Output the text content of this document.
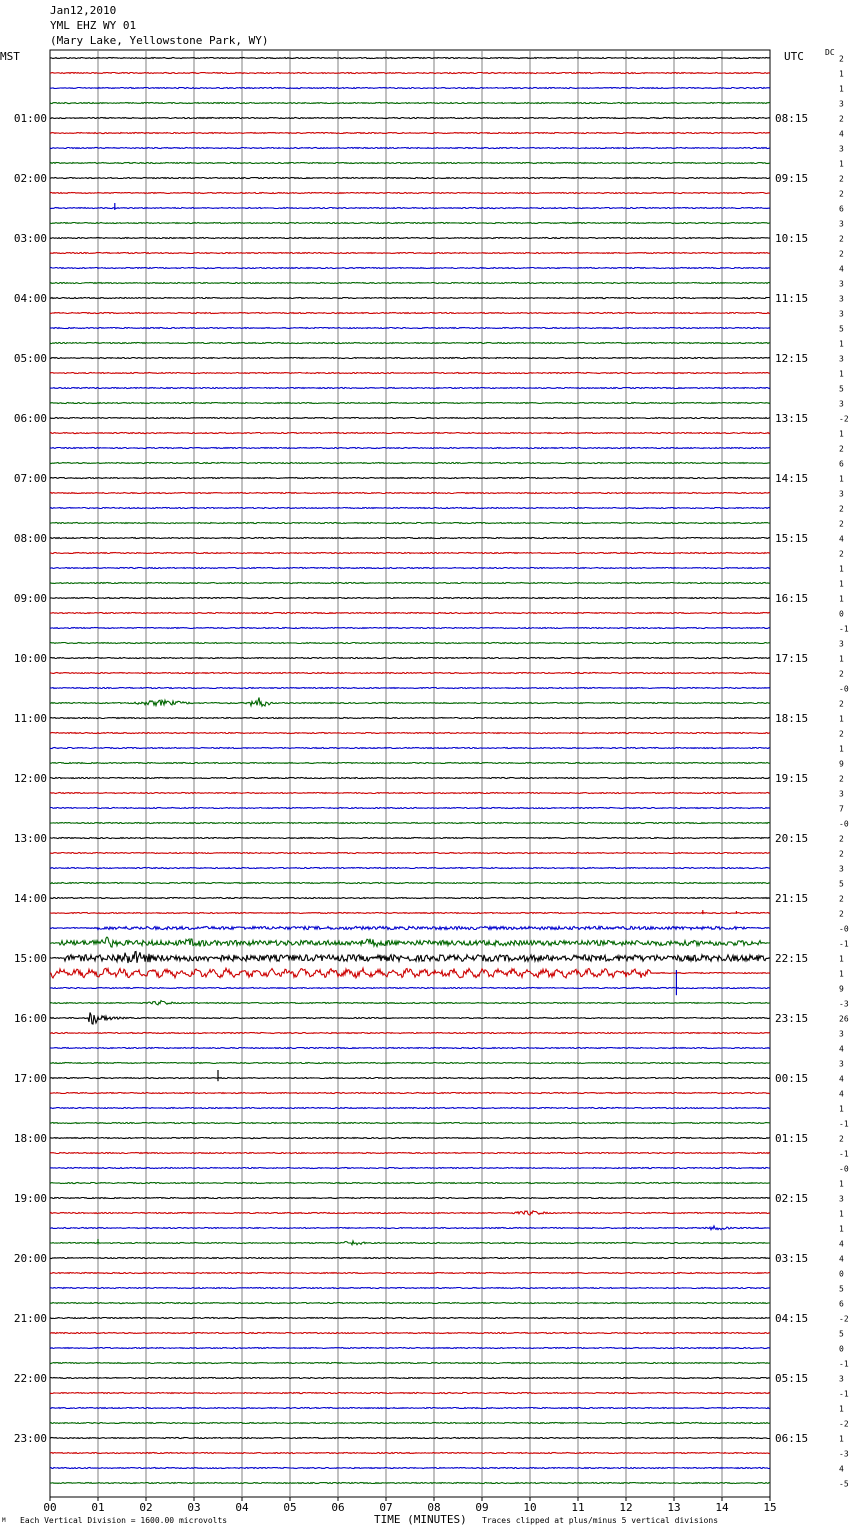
Jan12,2010
YML EHZ WY 01
(Mary Lake, Yellowstone Park, WY)
MST	UTC	DC
2
1
1
3
2
4
3
1
2
2
6
3
2
2
4
3
3
3
5
1
3
1
5
3
-2
1
2
6
1
3
2
2
4
2
1
1
1
0
-1
3
1
2
-0
2
1
2
1
9
2
3
7
-0
2
2
3
5
2
2
-0
-1
1
1
9
-3
26
3
4
3
4
4
1
-1
2
-1
-0
1
3
1
1
4
4
0
5
6
-2
5
0
-1
3
-1
1
-2
1
-3
4
-5
01:00
02:00
03:00
04:00
05:00
06:00
07:00
08:00
09:00
10:00
11:00
12:00
13:00
14:00
15:00
16:00
17:00
18:00
19:00
20:00
21:00
22:00
23:00
08:15
09:15
10:15
11:15
12:15
13:15
14:15
15:15
16:15
17:15
18:15
19:15
20:15
21:15
22:15
23:15
00:15
01:15
02:15
03:15
04:15
05:15
06:15
00	01	02	03	04	05	06	07	08	09	10	11	12	13	14	15
M Each Vertical Division = 1600.00 microvolts	TIME (MINUTES) Traces clipped at plus/minus 5 vertical divisions
